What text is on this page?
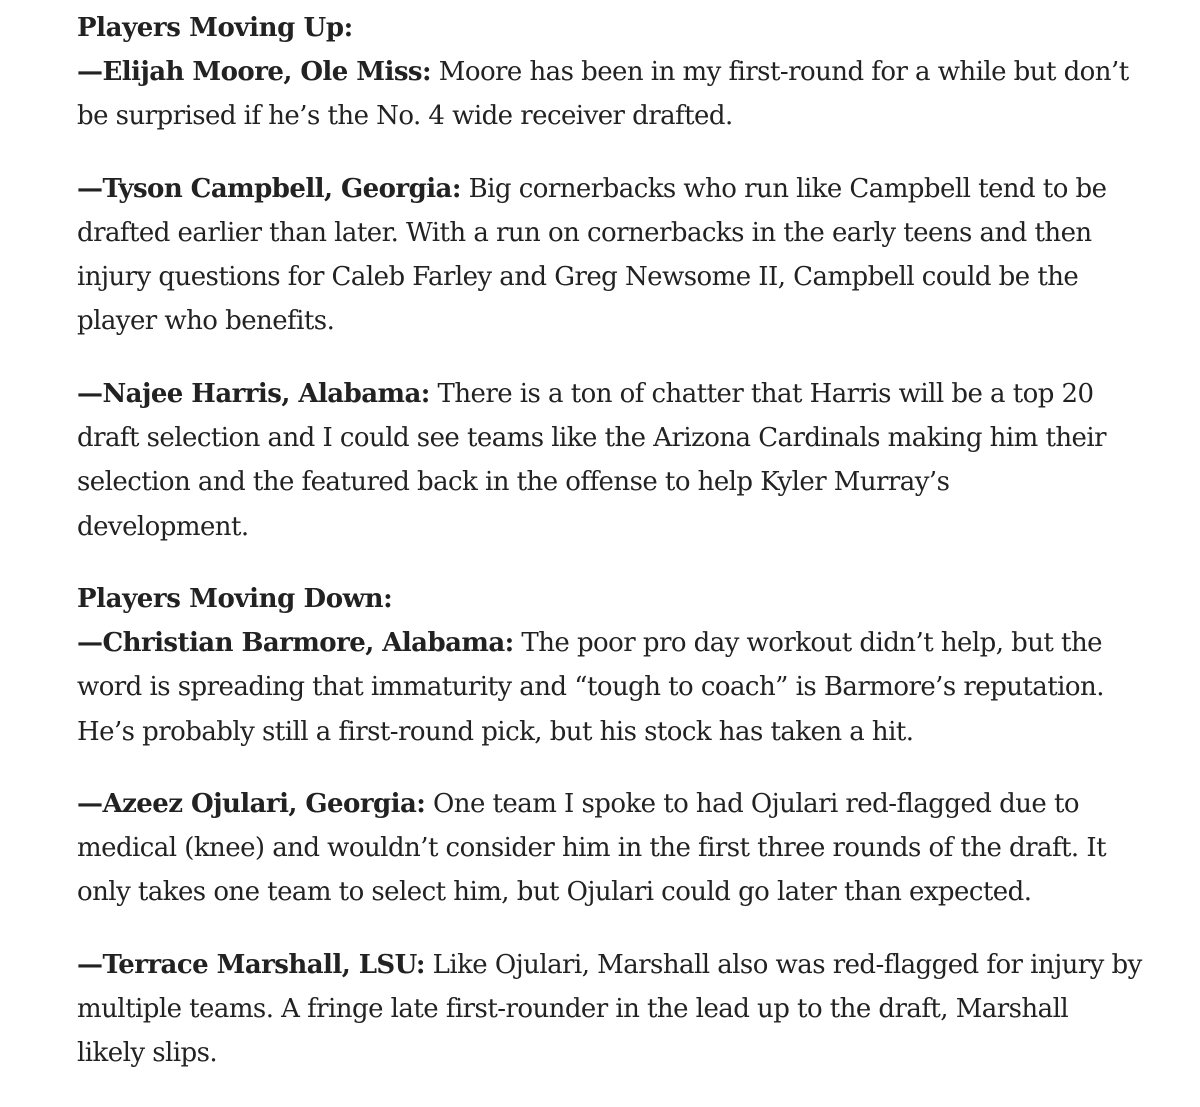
Players Moving Up:

—Elijah Moore, Ole Miss: Moore has been in my first-round for a while but don’t
be surprised if he’s the No. 4 wide receiver drafted.

—Tyson Campbell, Georgia: Big cornerbacks who run like Campbell tend to be
drafted earlier than later. With a run on cornerbacks in the early teens and then
injury questions for Caleb Farley and Greg Newsome II, Campbell could be the
player who benefits.

—Najee Harris, Alabama: There is a ton of chatter that Harris will be a top 20
draft selection and I could see teams like the Arizona Cardinals making him their
selection and the featured back in the offense to help Kyler Murray’s
development.

Players Moving Down:

—Christian Barmore, Alabama: The poor pro day workout didn’t help, but the
word is spreading that immaturity and “tough to coach” is Barmore’s reputation.
He’s probably still a first-round pick, but his stock has taken a hit.

—Azeez Ojulari, Georgia: One team I spoke to had Ojulari red-flagged due to
medical (knee) and wouldn’t consider him in the first three rounds of the draft. It
only takes one team to select him, but Ojulari could go later than expected.

—Terrace Marshall, LSU: Like Ojulari, Marshall also was red-flagged for injury by
multiple teams. A fringe late first-rounder in the lead up to the draft, Marshall
likely slips.
